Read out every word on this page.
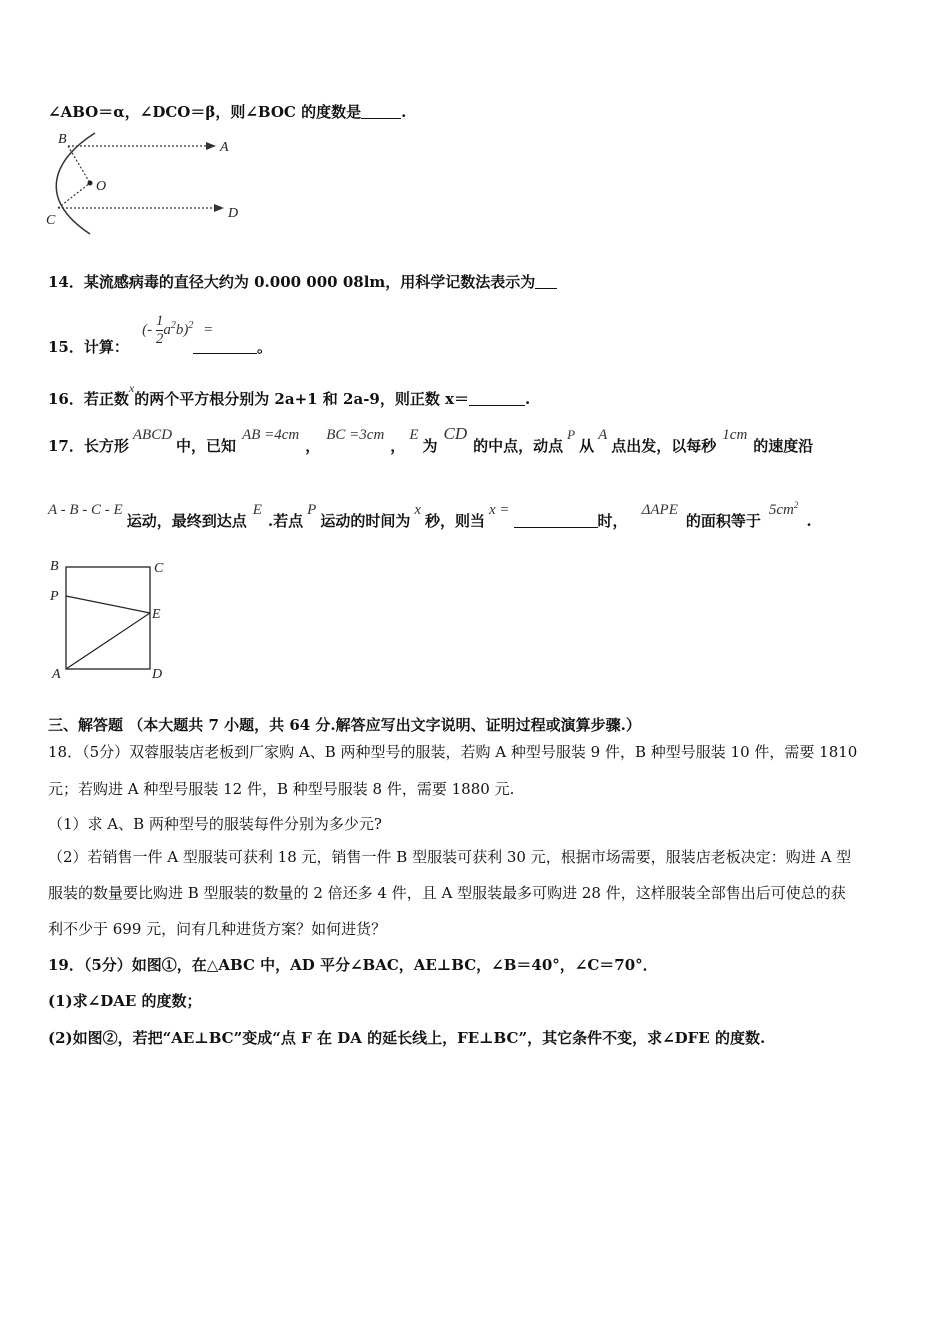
∠ABO＝α，∠DCO＝β，则∠BOC 的度数是	.
B
A
O
C	D
14．某流感病毒的直径大约为 0.000 000 08lm，用科学记数法表示为
15．计算： (- $\frac{1}{2} a^2b)^2$ = 。
16．若正数$^x$的两个平方根分别为 2a+1 和 2a-9，则正数 x＝	.
17．长方形ABCD中，已知AB =4cm，BC =3cm，E为CD的中点，动点P从A点出发，以每秒1cm的速度沿
A - B - C - E运动，最终到达点E.若点P运动的时间为x秒，则当x =时，ΔAPE的面积等于$5cm^2$.
B	C
P
E
A	D
三、解答题 （本大题共 7 小题，共 64 分.解答应写出文字说明、证明过程或演算步骤.）
18．（5分）双蓉服装店老板到厂家购 A、B 两种型号的服装，若购 A 种型号服装 9 件，B 种型号服装 10 件，需要 1810
元；若购进 A 种型号服装 12 件，B 种型号服装 8 件，需要 1880 元.
（1）求 A、B 两种型号的服装每件分别为多少元?
（2）若销售一件 A 型服装可获利 18 元，销售一件 B 型服装可获利 30 元，根据市场需要，服装店老板决定：购进 A 型
服装的数量要比购进 B 型服装的数量的 2 倍还多 4 件，且 A 型服装最多可购进 28 件，这样服装全部售出后可使总的获
利不少于 699 元，问有几种进货方案？如何进货？
19．（5分）如图①，在△ABC 中，AD 平分∠BAC，AE⊥BC，∠B＝40°，∠C＝70°．
(1)求∠DAE 的度数；
(2)如图②，若把“AE⊥BC”变成“点 F 在 DA 的延长线上，FE⊥BC”，其它条件不变，求∠DFE 的度数.
